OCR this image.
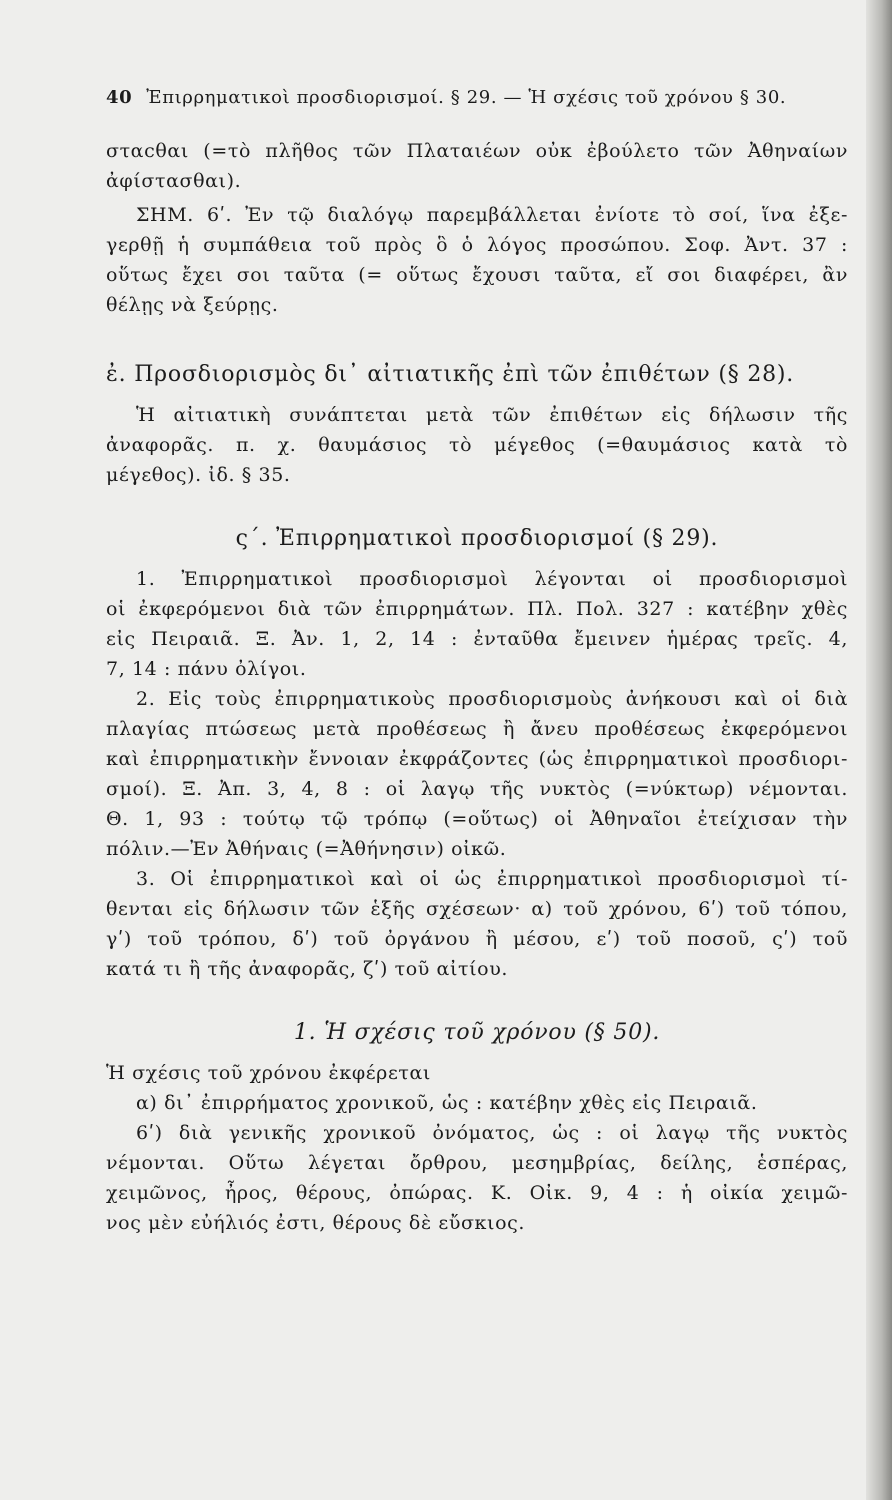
40 Ἐπιρρηματικοὶ προσδιορισμοί. § 29. — Ἡ σχέσις τοῦ χρόνου § 30.
σταcθαι (=τὸ πλῆθος τῶν Πλαταιέων οὐκ ἐβούλετο τῶν Ἀθηναίων
ἀφίστασθαι).
ΣΗΜ. 6ʹ. Ἐν τῷ διαλόγῳ παρεμβάλλεται ἐνίοτε τὸ σοί, ἵνα ἐξε-
γερθῇ ἡ συμπάθεια τοῦ πρὸς ὃ ὁ λόγος προσώπου. Σοφ. Ἀντ. 37 :
οὕτως ἔχει σοι ταῦτα (= οὕτως ἔχουσι ταῦτα, εἴ σοι διαφέρει, ἂν
θέλῃς νὰ ξεύρῃς.
ἐ. Προσδιορισμὸς δι᾽ αἰτιατικῆς ἐπὶ τῶν ἐπιθέτων (§ 28).
Ἡ αἰτιατικὴ συνάπτεται μετὰ τῶν ἐπιθέτων εἰς δήλωσιν τῆς
ἀναφορᾶς. π. χ. θαυμάσιος τὸ μέγεθος (=θαυμάσιος κατὰ τὸ
μέγεθος). ἰδ. § 35.
ς΄. Ἐπιρρηματικοὶ προσδιορισμοί (§ 29).
1. Ἐπιρρηματικοὶ προσδιορισμοὶ λέγονται οἱ προσδιορισμοὶ
οἱ ἐκφερόμενοι διὰ τῶν ἐπιρρημάτων. Πλ. Πολ. 327 : κατέβην χθὲς
εἰς Πειραιᾶ. Ξ. Ἀν. 1, 2, 14 : ἐνταῦθα ἔμεινεν ἡμέρας τρεῖς. 4,
7, 14 : πάνυ ὀλίγοι.
2. Εἰς τοὺς ἐπιρρηματικοὺς προσδιορισμοὺς ἀνήκουσι καὶ οἱ διὰ
πλαγίας πτώσεως μετὰ προθέσεως ἢ ἄνευ προθέσεως ἐκφερόμενοι
καὶ ἐπιρρηματικὴν ἔννοιαν ἐκφράζοντες (ὡς ἐπιρρηματικοὶ προσδιορι-
σμοί). Ξ. Ἀπ. 3, 4, 8 : οἱ λαγῳ τῆς νυκτὸς (=νύκτωρ) νέμονται.
Θ. 1, 93 : τούτῳ τῷ τρόπῳ (=οὕτως) οἱ Ἀθηναῖοι ἐτείχισαν τὴν
πόλιν.—Ἐν Ἀθήναις (=Ἀθήνησιν) οἰκῶ.
3. Οἱ ἐπιρρηματικοὶ καὶ οἱ ὡς ἐπιρρηματικοὶ προσδιορισμοὶ τί-
θενται εἰς δήλωσιν τῶν ἑξῆς σχέσεων· α) τοῦ χρόνου, 6ʹ) τοῦ τόπου,
γʹ) τοῦ τρόπου, δʹ) τοῦ ὀργάνου ἢ μέσου, εʹ) τοῦ ποσοῦ, ςʹ) τοῦ
κατά τι ἢ τῆς ἀναφορᾶς, ζʹ) τοῦ αἰτίου.
1. Ἡ σχέσις τοῦ χρόνου (§ 50).
Ἡ σχέσις τοῦ χρόνου ἐκφέρεται
α) δι᾽ ἐπιρρήματος χρονικοῦ, ὡς : κατέβην χθὲς εἰς Πειραιᾶ.
6ʹ) διὰ γενικῆς χρονικοῦ ὀνόματος, ὡς : οἱ λαγῳ τῆς νυκτὸς
νέμονται. Οὕτω λέγεται ὄρθρου, μεσημβρίας, δείλης, ἑσπέρας,
χειμῶνος, ἦρος, θέρους, ὀπώρας. Κ. Οἰκ. 9, 4 : ἡ οἰκία χειμῶ-
νος μὲν εὐήλιός ἐστι, θέρους δὲ εὔσκιος.
